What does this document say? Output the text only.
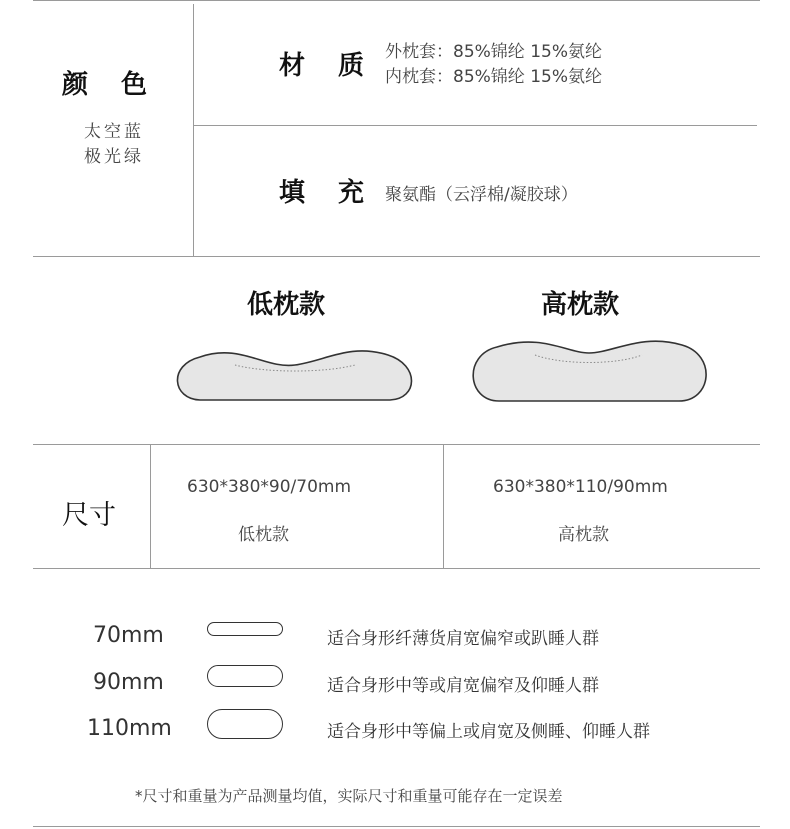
颜 色
太空蓝
极光绿
材 质 外枕套：85%锦纶 15%氨纶
内枕套：85%锦纶 15%氨纶
填 充 聚氨酯（云浮棉/凝胶球）
低枕款	高枕款
尺寸
630*380*90/70mm
低枕款
630*380*110/90mm
高枕款
70mm	适合身形纤薄货肩宽偏窄或趴睡人群
90mm	适合身形中等或肩宽偏窄及仰睡人群
110mm	适合身形中等偏上或肩宽及侧睡、仰睡人群
*尺寸和重量为产品测量均值，实际尺寸和重量可能存在一定误差
